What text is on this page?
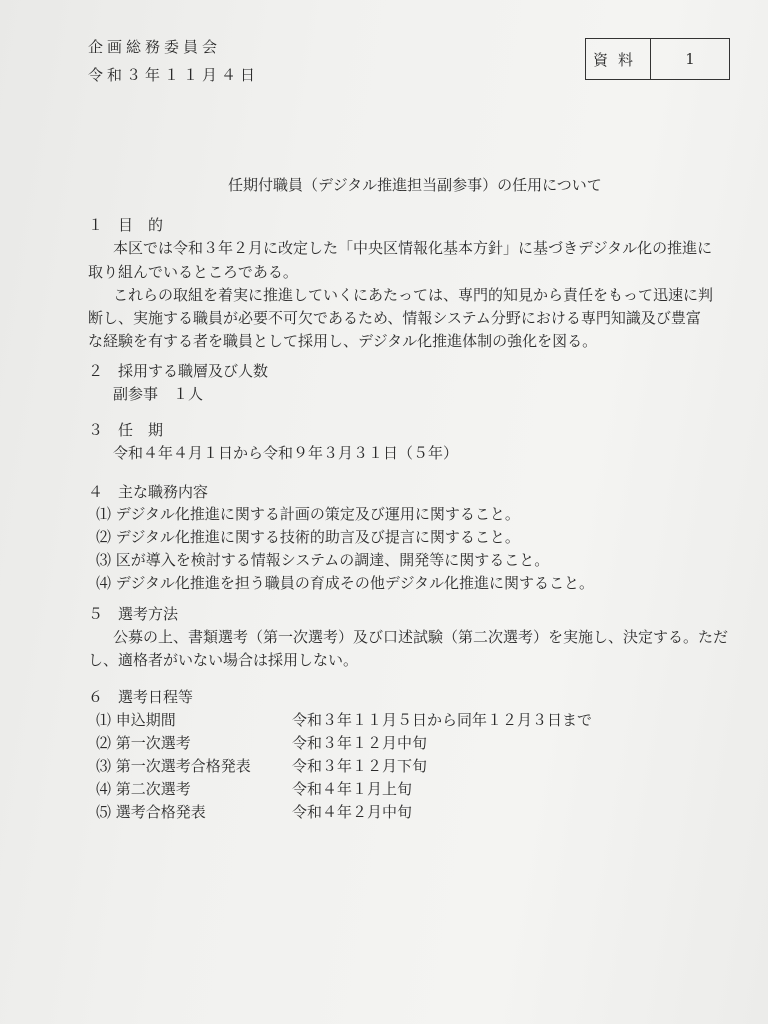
企画総務委員会
令和３年１１月４日
資料	1
任期付職員（デジタル推進担当副参事）の任用について
１　目　的
本区では令和３年２月に改定した「中央区情報化基本方針」に基づきデジタル化の推進に
取り組んでいるところである。
これらの取組を着実に推進していくにあたっては、専門的知見から責任をもって迅速に判
断し、実施する職員が必要不可欠であるため、情報システム分野における専門知識及び豊富
な経験を有する者を職員として採用し、デジタル化推進体制の強化を図る。
２　採用する職層及び人数
副参事　１人
３　任　期
令和４年４月１日から令和９年３月３１日（５年）
４　主な職務内容
⑴ デジタル化推進に関する計画の策定及び運用に関すること。
⑵ デジタル化推進に関する技術的助言及び提言に関すること。
⑶ 区が導入を検討する情報システムの調達、開発等に関すること。
⑷ デジタル化推進を担う職員の育成その他デジタル化推進に関すること。
５　選考方法
公募の上、書類選考（第一次選考）及び口述試験（第二次選考）を実施し、決定する。ただ
し、適格者がいない場合は採用しない。
６　選考日程等
⑴ 申込期間	令和３年１１月５日から同年１２月３日まで
⑵ 第一次選考	令和３年１２月中旬
⑶ 第一次選考合格発表	令和３年１２月下旬
⑷ 第二次選考	令和４年１月上旬
⑸ 選考合格発表	令和４年２月中旬
